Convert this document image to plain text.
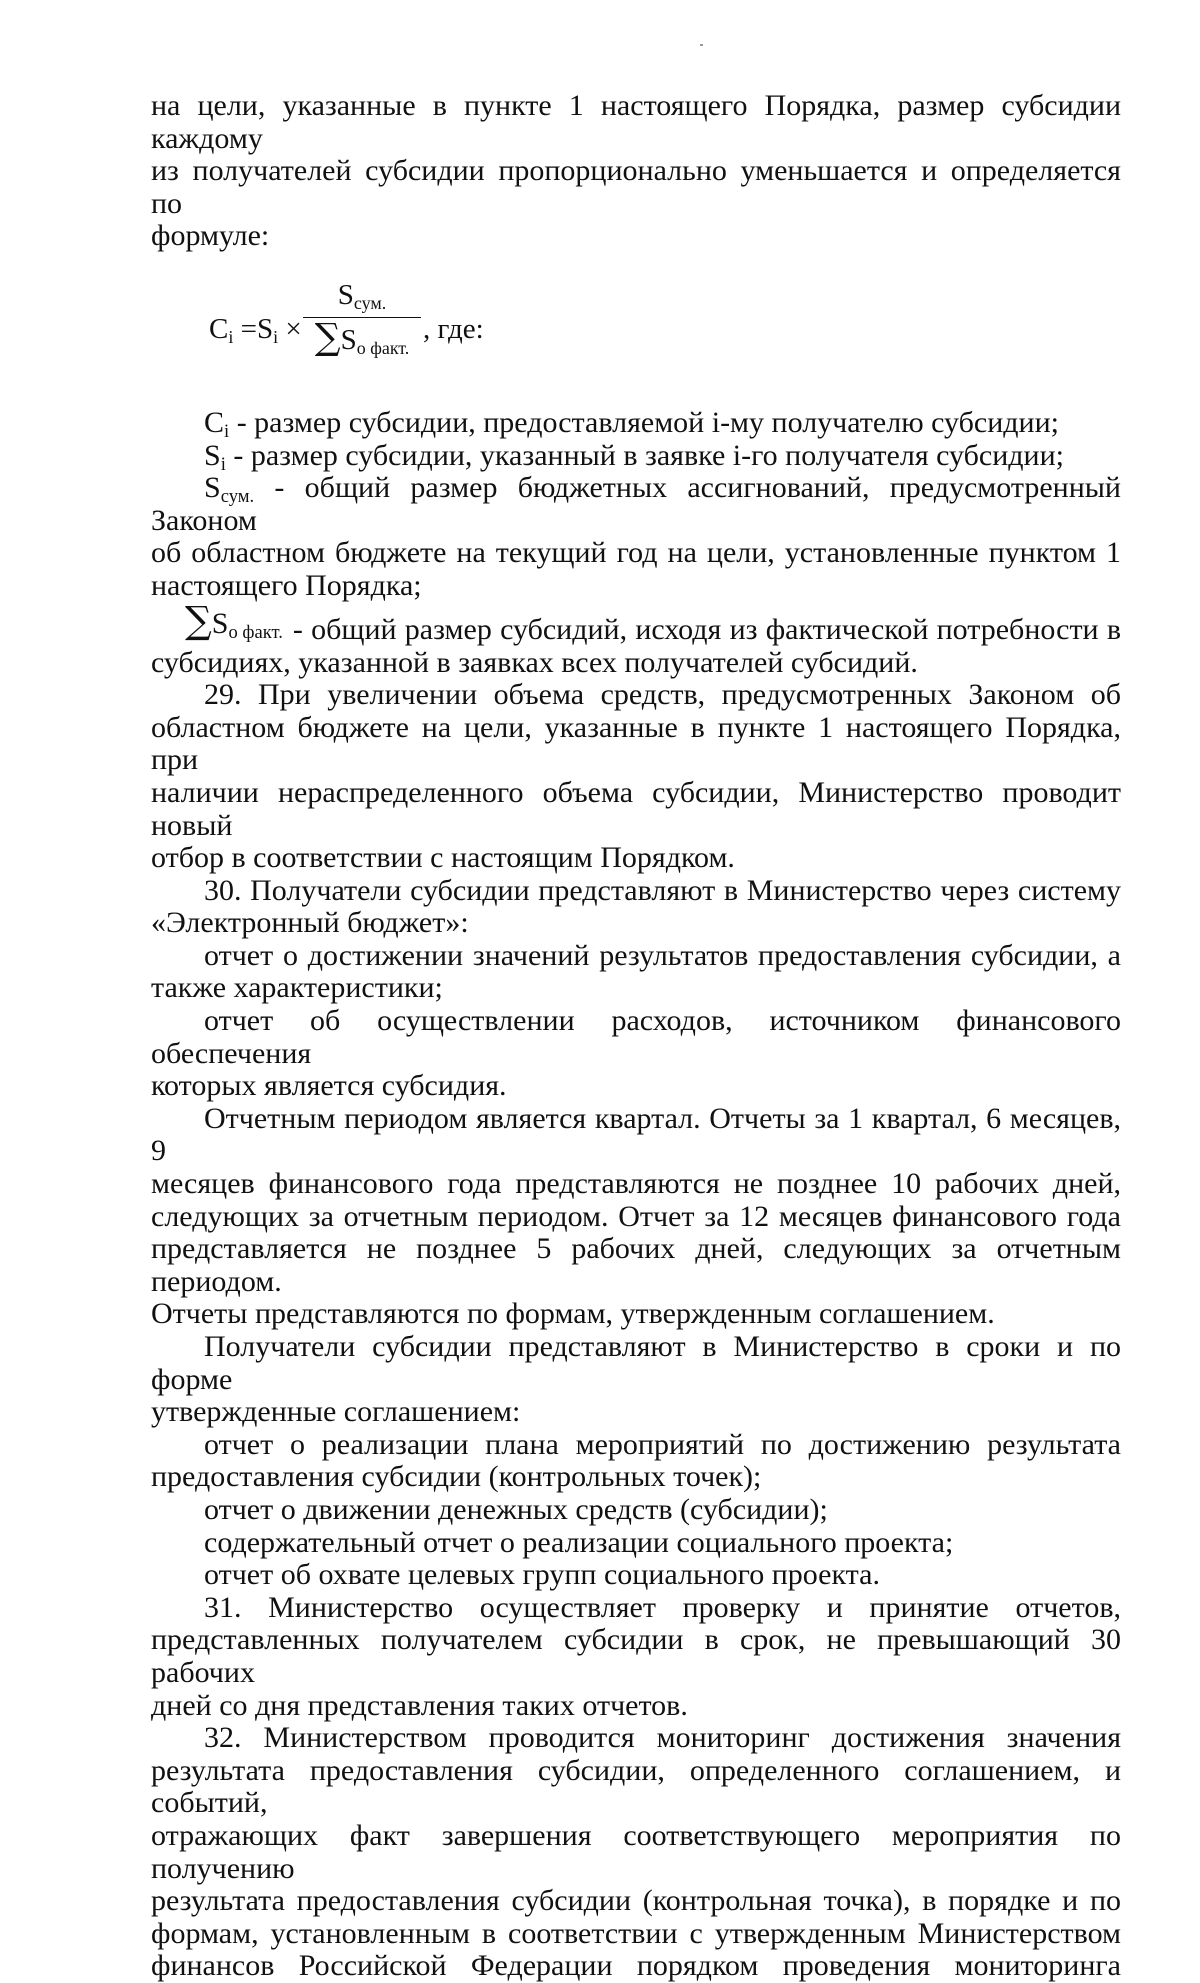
на цели, указанные в пункте 1 настоящего Порядка, размер субсидии каждому

из получателей субсидии пропорционально уменьшается и определяется по

формуле:

$C_i =S_i$ ×
$S_{сум.}$
$\sum S_{о факт.}$
, где:

$C_i$ - размер субсидии, предоставляемой i-му получателю субсидии;

$S_i$ - размер субсидии, указанный в заявке i-го получателя субсидии;

$S_{сум.}$ - общий размер бюджетных ассигнований, предусмотренный Законом

об областном бюджете на текущий год на цели, установленные пунктом 1

настоящего Порядка;

$\sum S_{о факт.}$ - общий размер субсидий, исходя из фактической потребности в

субсидиях, указанной в заявках всех получателей субсидий.

29. При увеличении объема средств, предусмотренных Законом об

областном бюджете на цели, указанные в пункте 1 настоящего Порядка, при

наличии нераспределенного объема субсидии, Министерство проводит новый

отбор в соответствии с настоящим Порядком.

30. Получатели субсидии представляют в Министерство через систему

«Электронный бюджет»:

отчет о достижении значений результатов предоставления субсидии, а

также характеристики;

отчет об осуществлении расходов, источником финансового обеспечения

которых является субсидия.

Отчетным периодом является квартал. Отчеты за 1 квартал, 6 месяцев, 9

месяцев финансового года представляются не позднее 10 рабочих дней,

следующих за отчетным периодом. Отчет за 12 месяцев финансового года

представляется не позднее 5 рабочих дней, следующих за отчетным периодом.

Отчеты представляются по формам, утвержденным соглашением.

Получатели субсидии представляют в Министерство в сроки и по форме

утвержденные соглашением:

отчет о реализации плана мероприятий по достижению результата

предоставления субсидии (контрольных точек);

отчет о движении денежных средств (субсидии);

содержательный отчет о реализации социального проекта;

отчет об охвате целевых групп социального проекта.

31. Министерство осуществляет проверку и принятие отчетов,

представленных получателем субсидии в срок, не превышающий 30 рабочих

дней со дня представления таких отчетов.

32. Министерством проводится мониторинг достижения значения

результата предоставления субсидии, определенного соглашением, и событий,

отражающих факт завершения соответствующего мероприятия по получению

результата предоставления субсидии (контрольная точка), в порядке и по

формам, установленным в соответствии с утвержденным Министерством

финансов Российской Федерации порядком проведения мониторинга
